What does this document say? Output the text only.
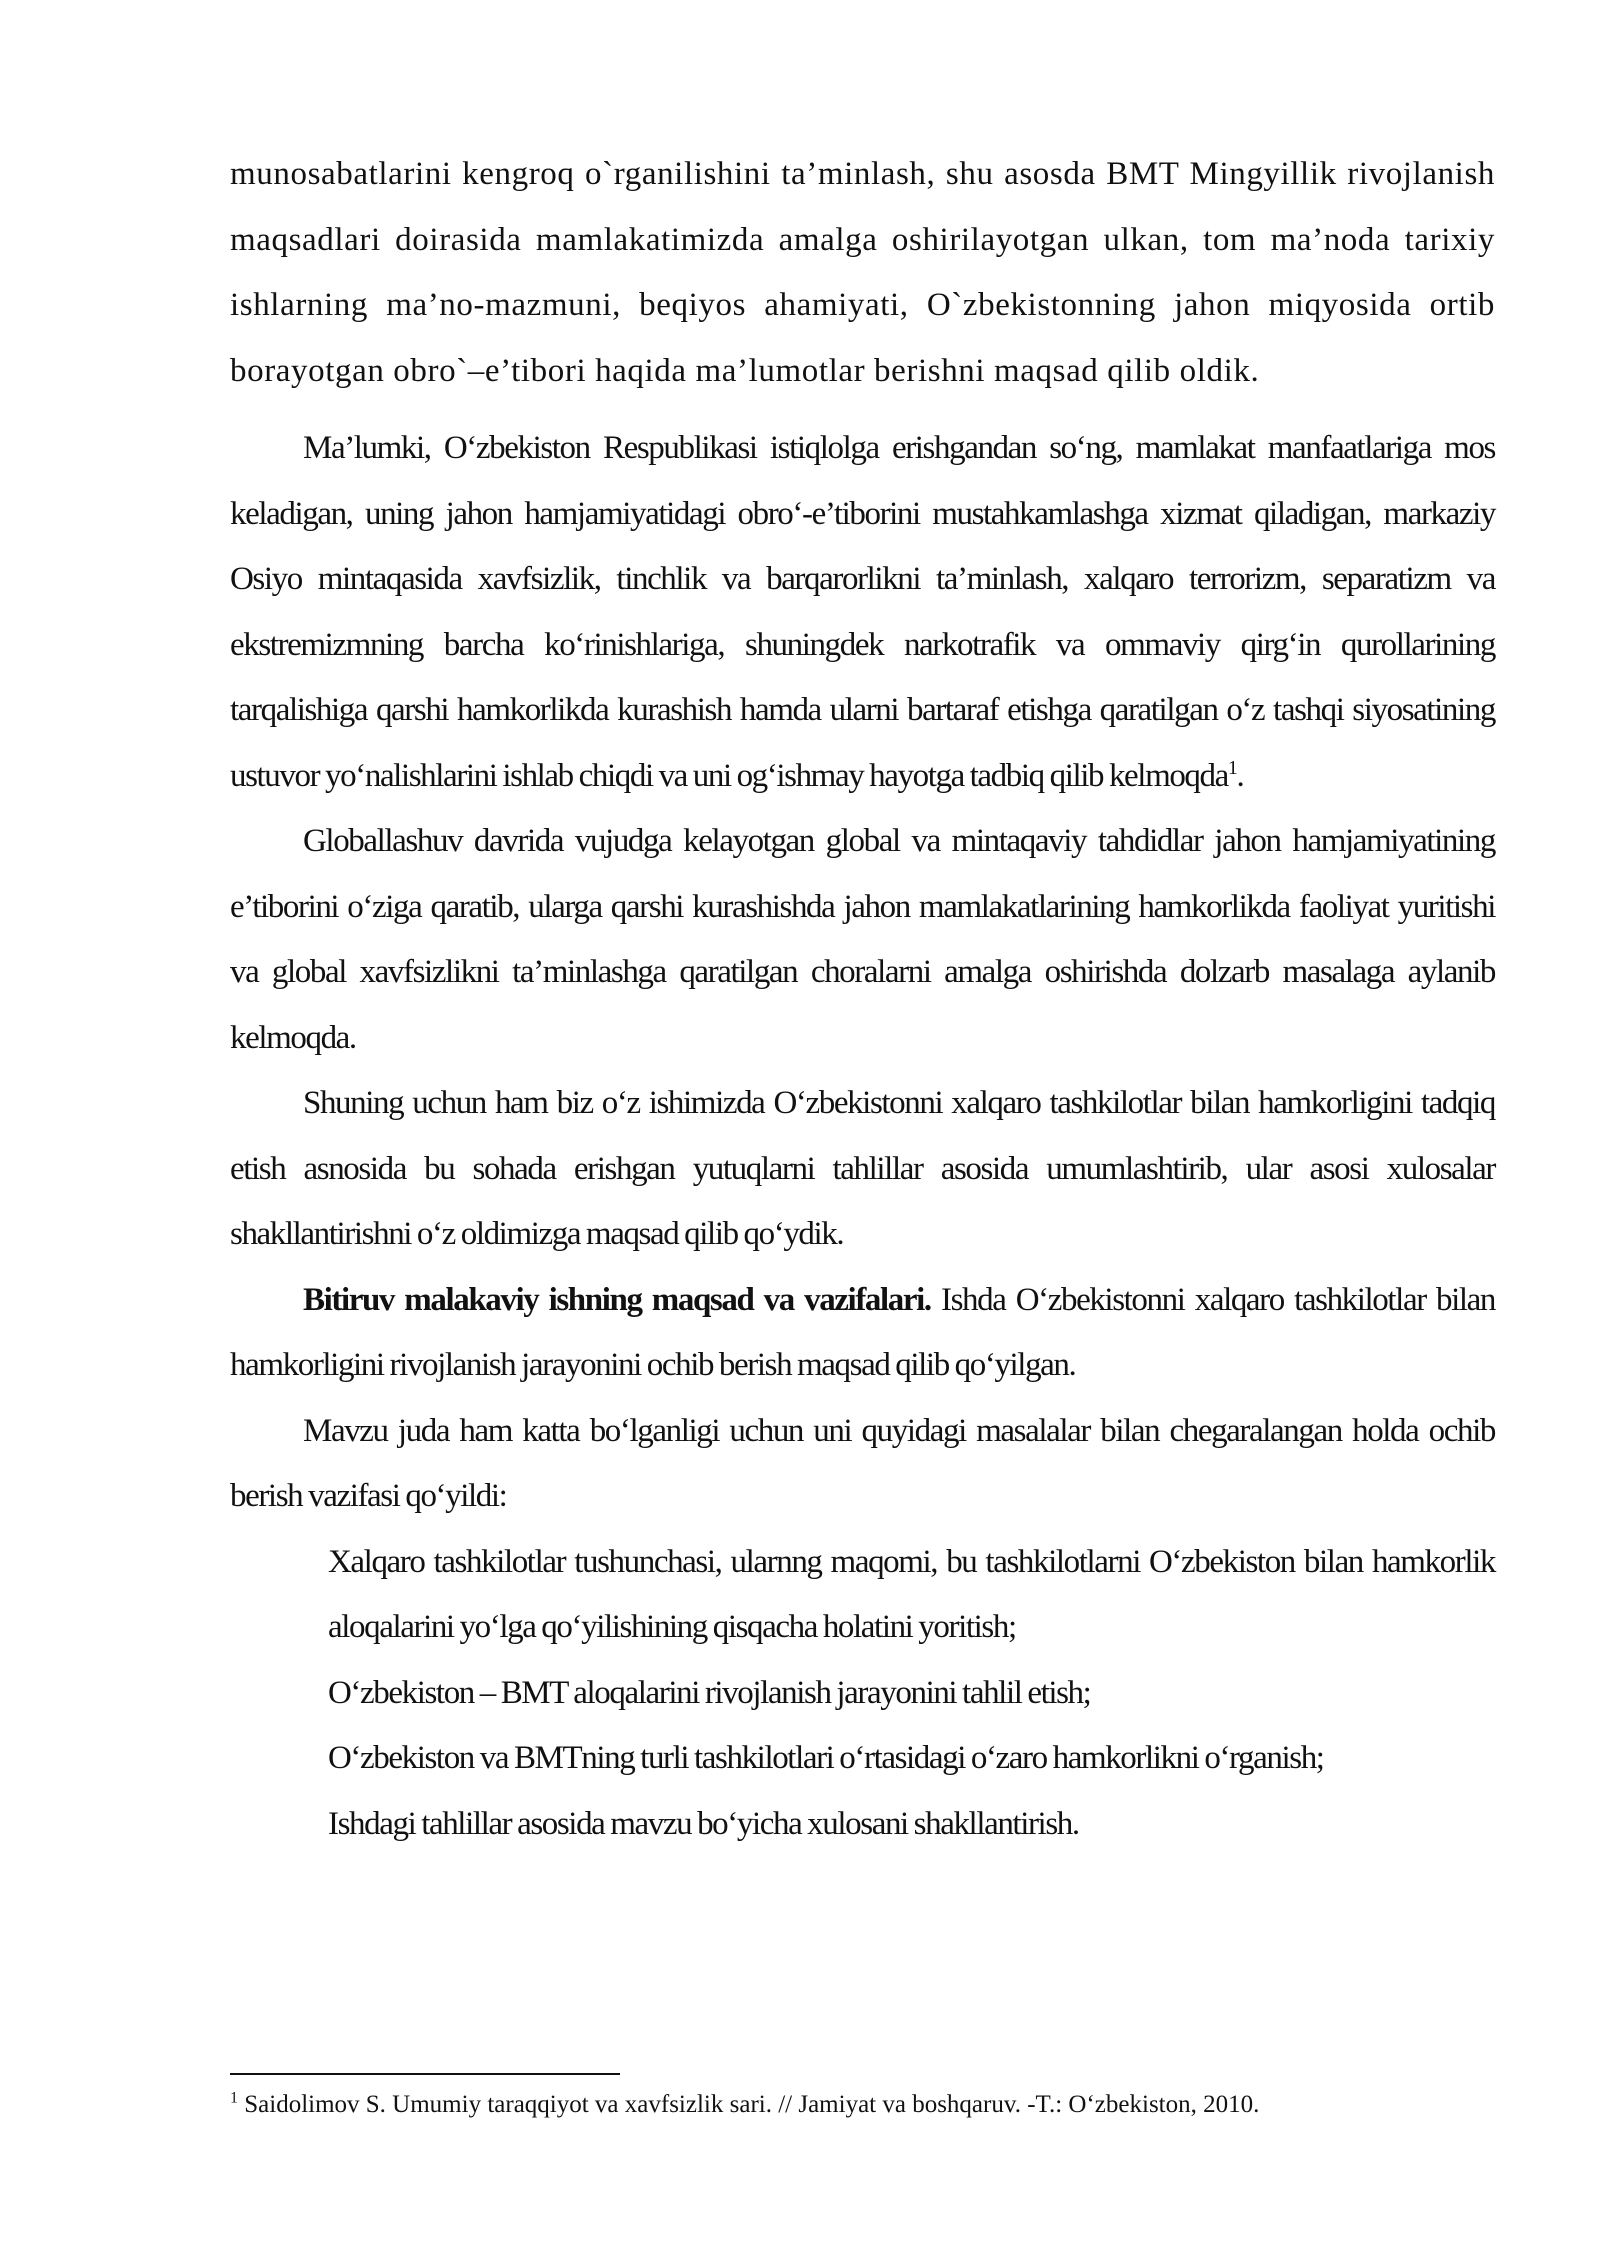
munosabatlarini kengroq o`rganilishini ta’minlash, shu asosda BMT Mingyillik rivojlanish maqsadlari doirasida mamlakatimizda amalga oshirilayotgan ulkan, tom ma’noda tarixiy ishlarning ma’no-mazmuni, beqiyos ahamiyati, O`zbekistonning jahon miqyosida ortib borayotgan obro`–e’tibori haqida ma’lumotlar berishni maqsad qilib oldik.

Ma’lumki, O‘zbekiston Respublikasi istiqlolga erishgandan so‘ng, mamlakat manfaatlariga mos keladigan, uning jahon hamjamiyatidagi obro‘-e’tiborini mustahkamlashga xizmat qiladigan, markaziy Osiyo mintaqasida xavfsizlik, tinchlik va barqarorlikni ta’minlash, xalqaro terrorizm, separatizm va ekstremizmning barcha ko‘rinishlariga, shuningdek narkotrafik va ommaviy qirg‘in qurollarining tarqalishiga qarshi hamkorlikda kurashish hamda ularni bartaraf etishga qaratilgan o‘z tashqi siyosatining ustuvor yo‘nalishlarini ishlab chiqdi va uni og‘ishmay hayotga tadbiq qilib kelmoqda$^1$.

Globallashuv davrida vujudga kelayotgan global va mintaqaviy tahdidlar jahon hamjamiyatining e’tiborini o‘ziga qaratib, ularga qarshi kurashishda jahon mamlakatlarining hamkorlikda faoliyat yuritishi va global xavfsizlikni ta’minlashga qaratilgan choralarni amalga oshirishda dolzarb masalaga aylanib kelmoqda.

Shuning uchun ham biz o‘z ishimizda O‘zbekistonni xalqaro tashkilotlar bilan hamkorligini tadqiq etish asnosida bu sohada erishgan yutuqlarni tahlillar asosida umumlashtirib, ular asosi xulosalar shakllantirishni o‘z oldimizga maqsad qilib qo‘ydik.

Bitiruv malakaviy ishning maqsad va vazifalari. Ishda O‘zbekistonni xalqaro tashkilotlar bilan hamkorligini rivojlanish jarayonini ochib berish maqsad qilib qo‘yilgan.

Mavzu juda ham katta bo‘lganligi uchun uni quyidagi masalalar bilan chegaralangan holda ochib berish vazifasi qo‘yildi:

Xalqaro tashkilotlar tushunchasi, ularnng maqomi, bu tashkilotlarni O‘zbekiston bilan hamkorlik aloqalarini yo‘lga qo‘yilishining qisqacha holatini yoritish;
O‘zbekiston – BMT aloqalarini rivojlanish jarayonini tahlil etish;
O‘zbekiston va BMTning turli tashkilotlari o‘rtasidagi o‘zaro hamkorlikni o‘rganish;
Ishdagi tahlillar asosida mavzu bo‘yicha xulosani shakllantirish.
$^1$ Saidolimov S. Umumiy taraqqiyot va xavfsizlik sari. // Jamiyat va boshqaruv. -T.: O‘zbekiston, 2010.
